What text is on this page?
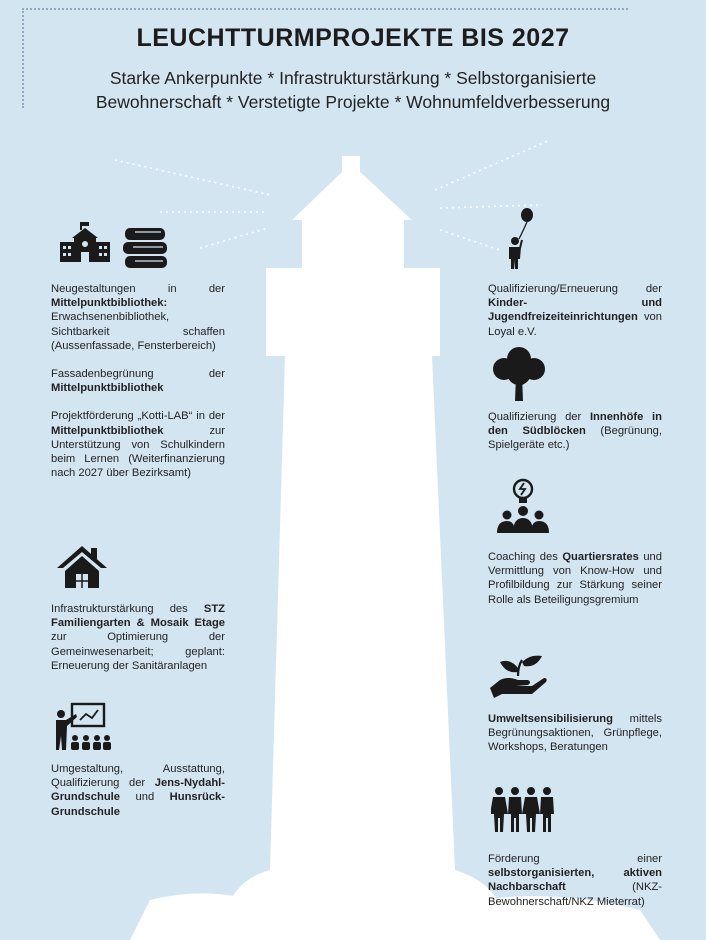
LEUCHTTURMPROJEKTE BIS 2027
Starke Ankerpunkte * Infrastrukturstärkung * Selbstorganisierte
Bewohnerschaft * Verstetigte Projekte * Wohnumfeldverbesserung

Neugestaltungen in der Mittelpunktbibliothek: Erwachsenenbibliothek, Sichtbarkeit schaffen (Aussenfassade, Fensterbereich)

Fassadenbegrünung der Mittelpunktbibliothek

Projektförderung „Kotti-LAB“ in der Mittelpunktbibliothek zur Unterstützung von Schulkindern beim Lernen (Weiterfinanzierung nach 2027 über Bezirksamt)

Infrastrukturstärkung des STZ Familiengarten & Mosaik Etage zur Optimierung der Gemeinwesenarbeit; geplant: Erneuerung der Sanitäranlagen

Umgestaltung, Ausstattung, Qualifizierung der Jens-Nydahl-Grundschule und Hunsrück-Grundschule

Qualifizierung/Erneuerung der Kinder- und Jugendfreizeiteinrichtungen von Loyal e.V.

Qualifizierung der Innenhöfe in den Südblöcken (Begrünung, Spielgeräte etc.)

Coaching des Quartiersrates und Vermittlung von Know-How und Profilbildung zur Stärkung seiner Rolle als Beteiligungsgremium

Umweltsensibilisierung mittels Begrünungsaktionen, Grünpflege, Workshops, Beratungen

Förderung einer selbstorganisierten, aktiven Nachbarschaft (NKZ-Bewohnerschaft/NKZ Mieterrat)
